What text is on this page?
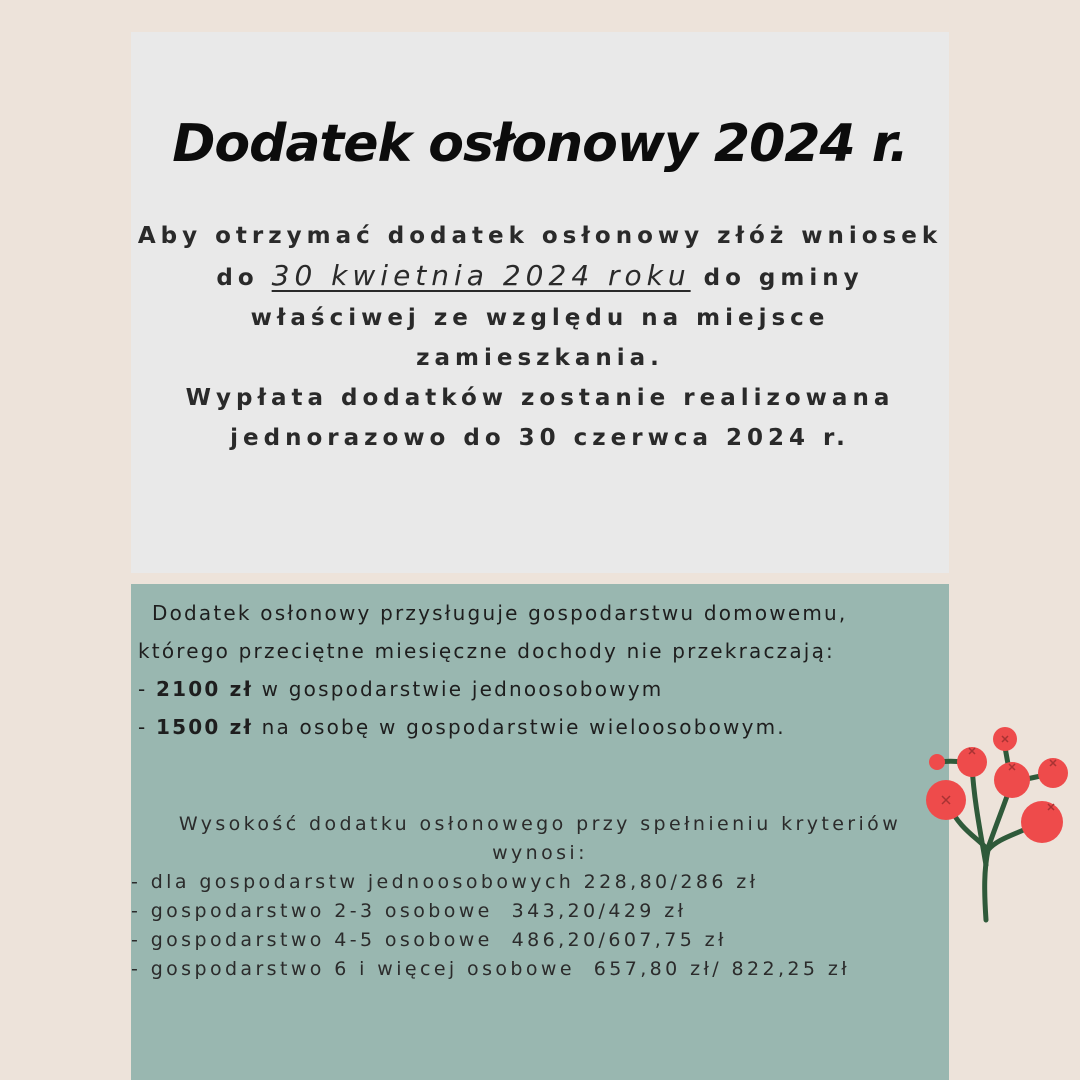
Dodatek osłonowy 2024 r.
Aby otrzymać dodatek osłonowy złóż wniosek do 30 kwietnia 2024 roku do gminy właściwej ze względu na miejsce zamieszkania.
Wypłata dodatków zostanie realizowana jednorazowo do 30 czerwca 2024 r.

Dodatek osłonowy przysługuje gospodarstwu domowemu,

którego przeciętne miesięczne dochody nie przekraczają:

- 2100 zł w gospodarstwie jednoosobowym

- 1500 zł na osobę w gospodarstwie wieloosobowym.

Wysokość dodatku osłonowego przy spełnieniu kryteriów wynosi:

- dla gospodarstw jednoosobowych 228,80/286 zł
- gospodarstwo 2-3 osobowe  343,20/429 zł
- gospodarstwo 4-5 osobowe  486,20/607,75 zł
- gospodarstwo 6 i więcej osobowe  657,80 zł/ 822,25 zł
